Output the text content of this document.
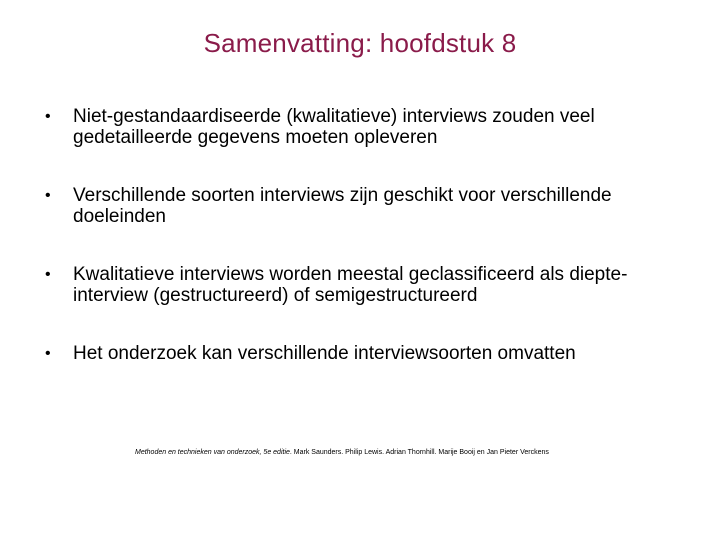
Samenvatting: hoofdstuk 8
• Niet-gestandaardiseerde (kwalitatieve) interviews zouden veel gedetailleerde gegevens moeten opleveren
• Verschillende soorten interviews zijn geschikt voor verschillende doeleinden
• Kwalitatieve interviews worden meestal geclassificeerd als diepte-interview (gestructureerd) of semigestructureerd
• Het onderzoek kan verschillende interviewsoorten omvatten
Methoden en technieken van onderzoek, 5e editie. Mark Saunders. Philip Lewis. Adrian Thornhill. Marije Booij en Jan Pieter Verckens
